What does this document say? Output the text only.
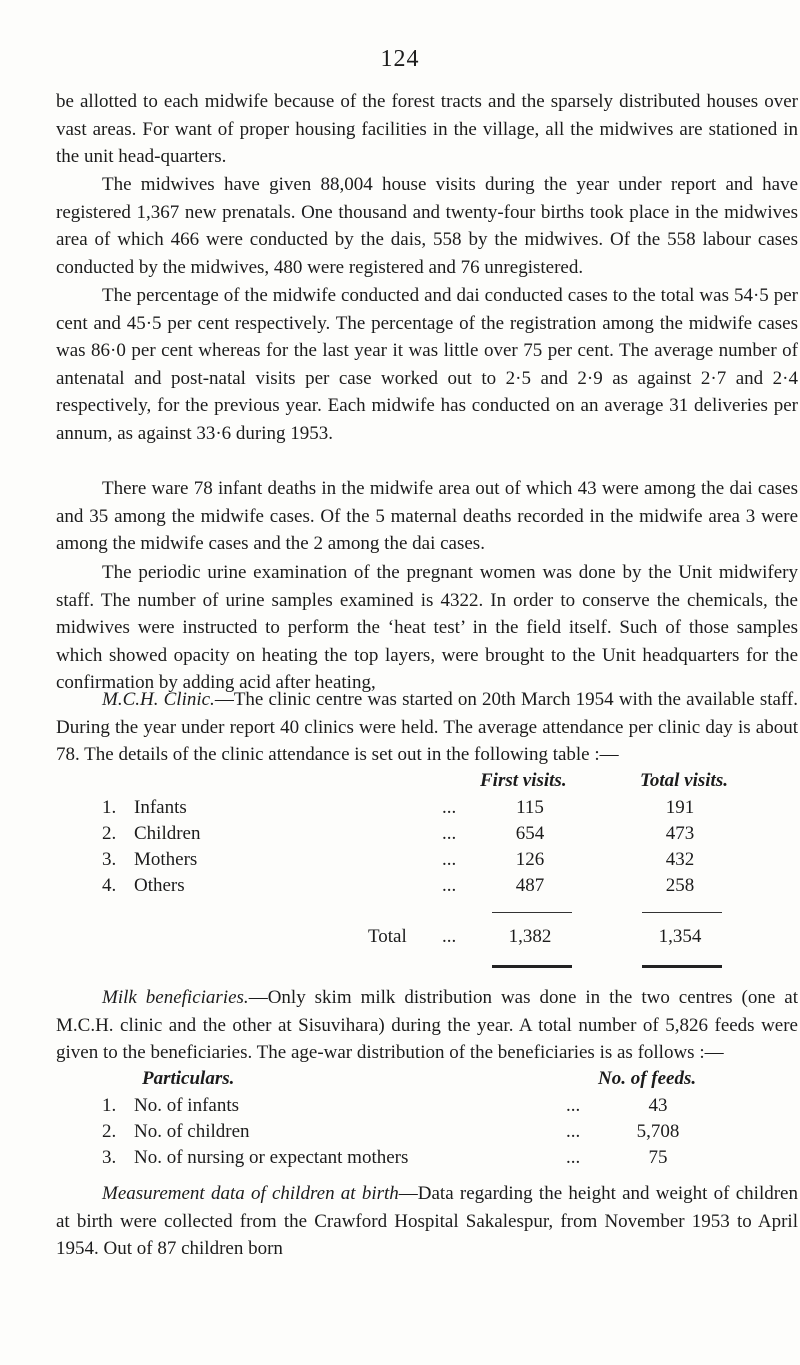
124

be allotted to each midwife because of the forest tracts and the sparsely distributed houses over vast areas. For want of proper housing facilities in the village, all the midwives are stationed in the unit head-quarters.

The midwives have given 88,004 house visits during the year under report and have registered 1,367 new prenatals. One thousand and twenty-four births took place in the midwives area of which 466 were conducted by the dais, 558 by the midwives. Of the 558 labour cases conducted by the midwives, 480 were registered and 76 unregistered.

The percentage of the midwife conducted and dai conducted cases to the total was 54·5 per cent and 45·5 per cent respectively. The percentage of the registration among the midwife cases was 86·0 per cent whereas for the last year it was little over 75 per cent. The average number of antenatal and post-natal visits per case worked out to 2·5 and 2·9 as against 2·7 and 2·4 respectively, for the previous year. Each midwife has conducted on an average 31 deliveries per annum, as against 33·6 during 1953.

There ware 78 infant deaths in the midwife area out of which 43 were among the dai cases and 35 among the midwife cases. Of the 5 maternal deaths recorded in the midwife area 3 were among the midwife cases and the 2 among the dai cases.

The periodic urine examination of the pregnant women was done by the Unit midwifery staff. The number of urine samples examined is 4322. In order to conserve the chemicals, the midwives were instructed to perform the ‘heat test’ in the field itself. Such of those samples which showed opacity on heating the top layers, were brought to the Unit headquarters for the confirmation by adding acid after heating,

M.C.H. Clinic.—The clinic centre was started on 20th March 1954 with the available staff. During the year under report 40 clinics were held. The average attendance per clinic day is about 78. The details of the clinic attendance is set out in the following table :—

First visits.	Total visits.
1. Infants	...	115	191
2. Children	...	654	473
3. Mothers	...	126	432
4. Others	...	487	258
Total ...	1,382	1,354

Milk beneficiaries.—Only skim milk distribution was done in the two centres (one at M.C.H. clinic and the other at Sisuvihara) during the year. A total number of 5,826 feeds were given to the beneficiaries. The age-war distribution of the beneficiaries is as follows :—

Particulars.	No. of feeds.
1. No. of infants	...	43
2. No. of children	...	5,708
3. No. of nursing or expectant mothers	...	75

Measurement data of children at birth—Data regarding the height and weight of children at birth were collected from the Crawford Hospital Sakalespur, from November 1953 to April 1954. Out of 87 children born
